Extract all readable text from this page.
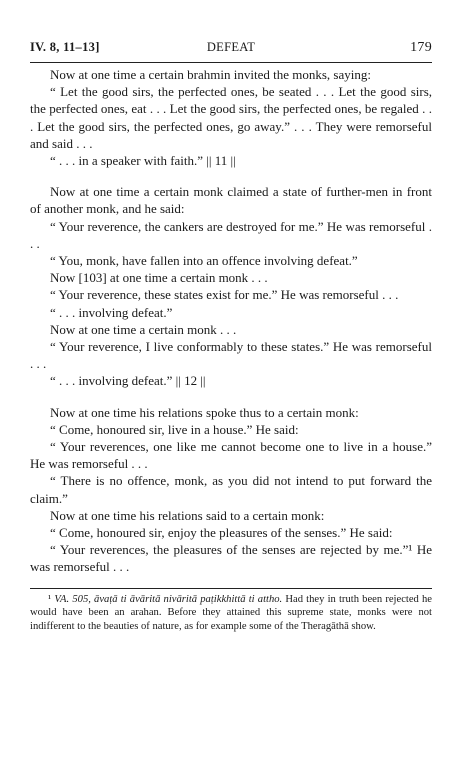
IV. 8, 11–13]	DEFEAT	179

Now at one time a certain brahmin invited the monks, saying:

“ Let the good sirs, the perfected ones, be seated . . . Let the good sirs, the perfected ones, eat . . . Let the good sirs, the perfected ones, be regaled . . . Let the good sirs, the perfected ones, go away.” . . . They were remorseful and said . . .

“ . . . in a speaker with faith.” || 11 ||

Now at one time a certain monk claimed a state of further-men in front of another monk, and he said:

“ Your reverence, the cankers are destroyed for me.” He was remorseful . . .

“ You, monk, have fallen into an offence involving defeat.”

Now [103] at one time a certain monk . . .

“ Your reverence, these states exist for me.” He was remorseful . . .

“ . . . involving defeat.”

Now at one time a certain monk . . .

“ Your reverence, I live conformably to these states.” He was remorseful . . .

“ . . . involving defeat.” || 12 ||

Now at one time his relations spoke thus to a certain monk:

“ Come, honoured sir, live in a house.” He said:

“ Your reverences, one like me cannot become one to live in a house.” He was remorseful . . .

“ There is no offence, monk, as you did not intend to put forward the claim.”

Now at one time his relations said to a certain monk:

“ Come, honoured sir, enjoy the pleasures of the senses.” He said:

“ Your reverences, the pleasures of the senses are rejected by me.”¹ He was remorseful . . .

¹ VA. 505, āvaṭā ti āvāritā nivāritā paṭikkhittā ti attho. Had they in truth been rejected he would have been an arahan. Before they attained this supreme state, monks were not indifferent to the beauties of nature, as for example some of the Theragāthā show.
